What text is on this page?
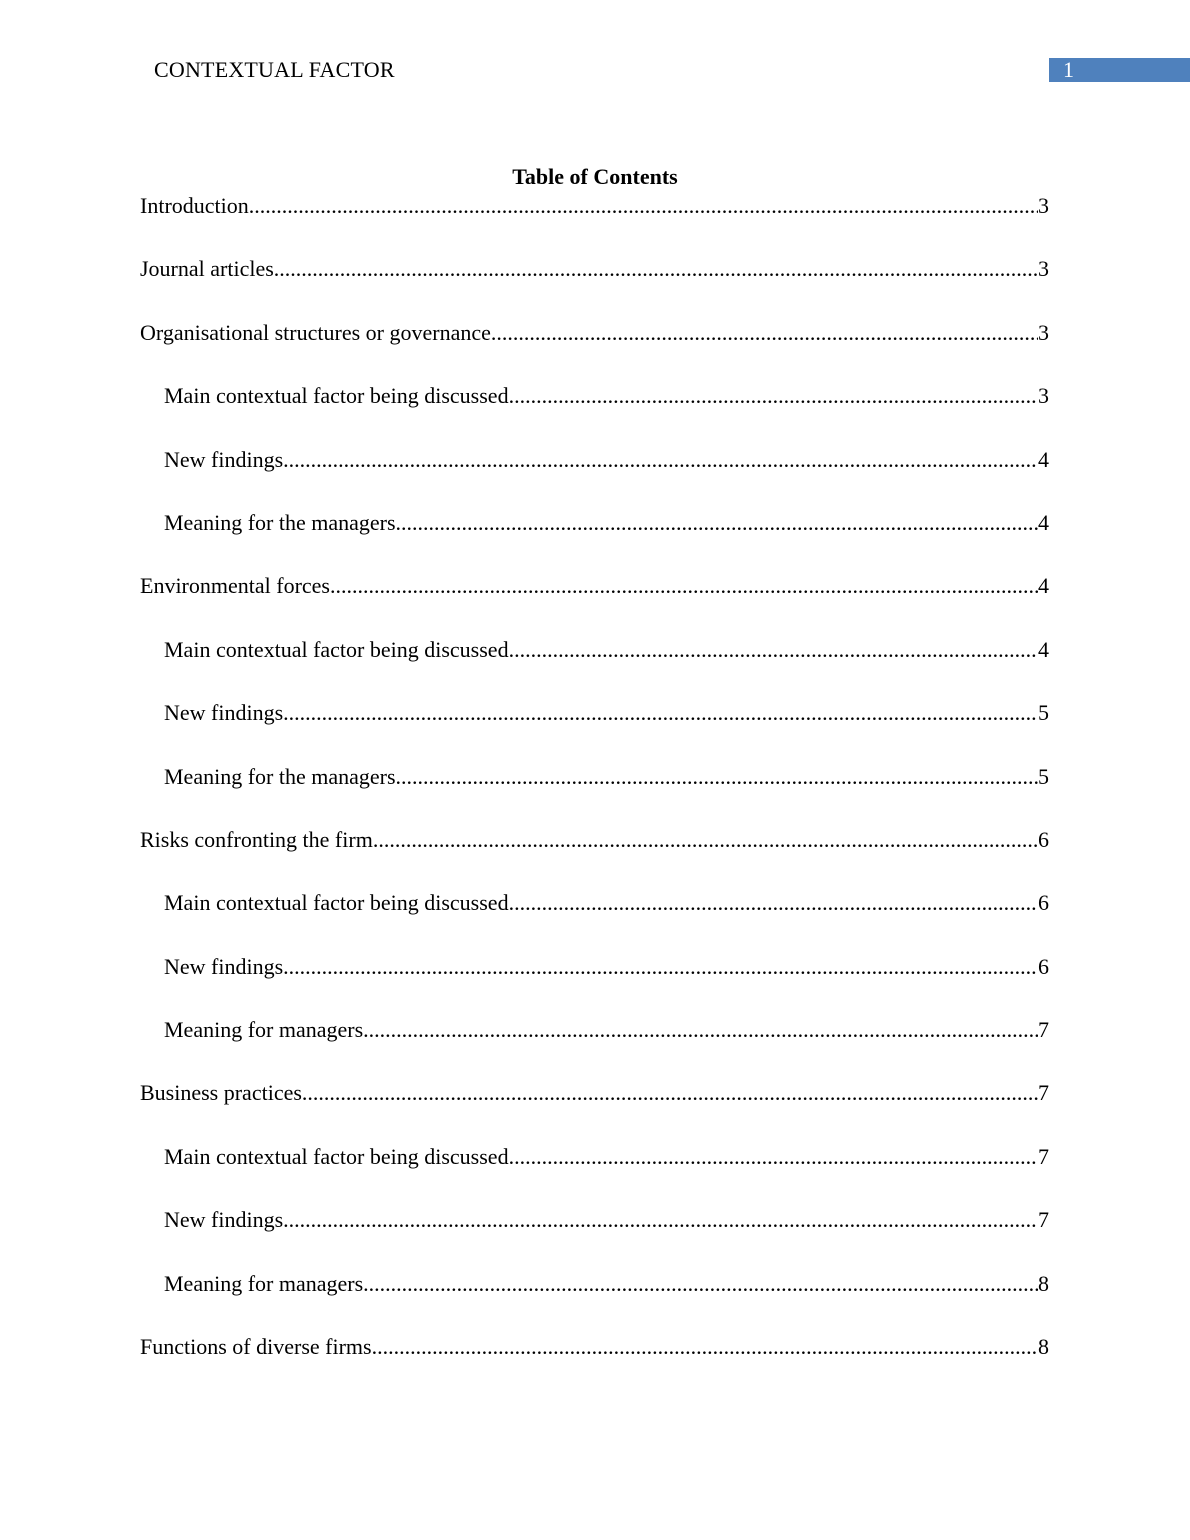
CONTEXTUAL FACTOR	1
Table of Contents
Introduction .....	3
Journal articles .....	3
Organisational structures or governance .....	3
Main contextual factor being discussed .....	3
New findings .....	4
Meaning for the managers .....	4
Environmental forces .....	4
Main contextual factor being discussed .....	4
New findings .....	5
Meaning for the managers .....	5
Risks confronting the firm .....	6
Main contextual factor being discussed .....	6
New findings .....	6
Meaning for managers .....	7
Business practices .....	7
Main contextual factor being discussed .....	7
New findings .....	7
Meaning for managers .....	8
Functions of diverse firms .....	8
